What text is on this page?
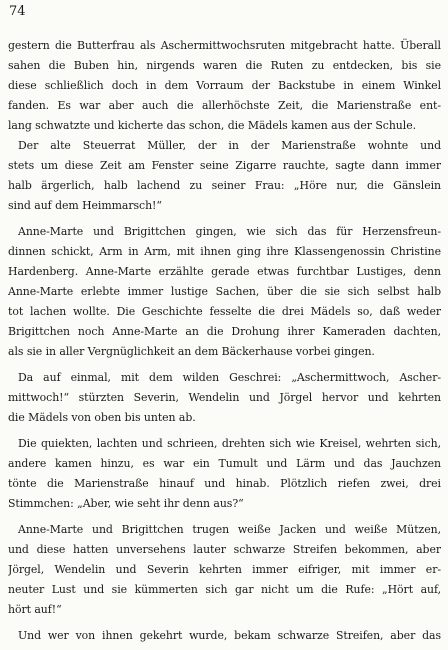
74
gestern die Butterfrau als Aschermittwochsruten mitgebracht hatte. Überall
sahen die Buben hin, nirgends waren die Ruten zu entdecken, bis sie
diese schließlich doch in dem Vorraum der Backstube in einem Winkel
fanden. Es war aber auch die allerhöchste Zeit, die Marienstraße ent-
lang schwatzte und kicherte das schon, die Mädels kamen aus der Schule.
Der alte Steuerrat Müller, der in der Marienstraße wohnte und
stets um diese Zeit am Fenster seine Zigarre rauchte, sagte dann immer
halb ärgerlich, halb lachend zu seiner Frau: „Höre nur, die Gänslein
sind auf dem Heimmarsch!“
Anne-Marte und Brigittchen gingen, wie sich das für Herzensfreun-
dinnen schickt, Arm in Arm, mit ihnen ging ihre Klassengenossin Christine
Hardenberg. Anne-Marte erzählte gerade etwas furchtbar Lustiges, denn
Anne-Marte erlebte immer lustige Sachen, über die sie sich selbst halb
tot lachen wollte. Die Geschichte fesselte die drei Mädels so, daß weder
Brigittchen noch Anne-Marte an die Drohung ihrer Kameraden dachten,
als sie in aller Vergnüglichkeit an dem Bäckerhause vorbei gingen.
Da auf einmal, mit dem wilden Geschrei: „Aschermittwoch, Ascher-
mittwoch!“ stürzten Severin, Wendelin und Jörgel hervor und kehrten
die Mädels von oben bis unten ab.
Die quiekten, lachten und schrieen, drehten sich wie Kreisel, wehrten sich,
andere kamen hinzu, es war ein Tumult und Lärm und das Jauchzen
tönte die Marienstraße hinauf und hinab. Plötzlich riefen zwei, drei
Stimmchen: „Aber, wie seht ihr denn aus?“
Anne-Marte und Brigittchen trugen weiße Jacken und weiße Mützen,
und diese hatten unversehens lauter schwarze Streifen bekommen, aber
Jörgel, Wendelin und Severin kehrten immer eifriger, mit immer er-
neuter Lust und sie kümmerten sich gar nicht um die Rufe: „Hört auf,
hört auf!“
Und wer von ihnen gekehrt wurde, bekam schwarze Streifen, aber das
